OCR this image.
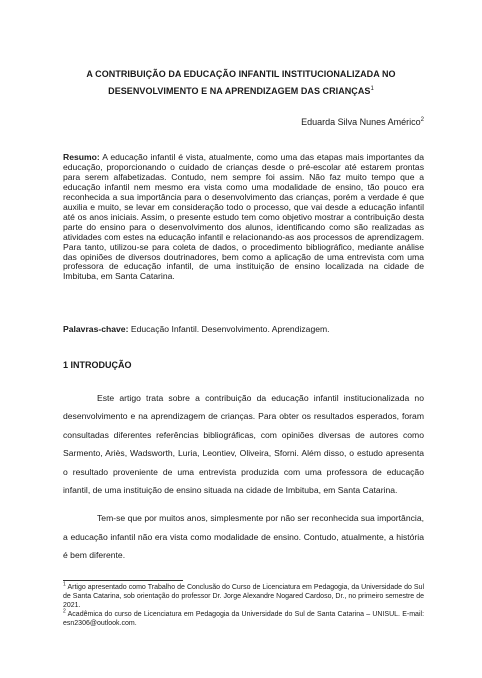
A CONTRIBUIÇÃO DA EDUCAÇÃO INFANTIL INSTITUCIONALIZADA NO
DESENVOLVIMENTO E NA APRENDIZAGEM DAS CRIANÇAS$^1$
Eduarda Silva Nunes Américo$^2$

Resumo: A educação infantil é vista, atualmente, como uma das etapas mais importantes da educação, proporcionando o cuidado de crianças desde o pré-escolar até estarem prontas para serem alfabetizadas. Contudo, nem sempre foi assim. Não faz muito tempo que a educação infantil nem mesmo era vista como uma modalidade de ensino, tão pouco era reconhecida a sua importância para o desenvolvimento das crianças, porém a verdade é que auxilia e muito, se levar em consideração todo o processo, que vai desde a educação infantil até os anos iniciais. Assim, o presente estudo tem como objetivo mostrar a contribuição desta parte do ensino para o desenvolvimento dos alunos, identificando como são realizadas as atividades com estes na educação infantil e relacionando-as aos processos de aprendizagem. Para tanto, utilizou-se para coleta de dados, o procedimento bibliográfico, mediante análise das opiniões de diversos doutrinadores, bem como a aplicação de uma entrevista com uma professora de educação infantil, de uma instituição de ensino localizada na cidade de Imbituba, em Santa Catarina.

Palavras-chave: Educação Infantil. Desenvolvimento. Aprendizagem.

1 INTRODUÇÃO

Este artigo trata sobre a contribuição da educação infantil institucionalizada no desenvolvimento e na aprendizagem de crianças. Para obter os resultados esperados, foram consultadas diferentes referências bibliográficas, com opiniões diversas de autores como Sarmento, Ariès, Wadsworth, Luria, Leontiev, Oliveira, Sforni. Além disso, o estudo apresenta o resultado proveniente de uma entrevista produzida com uma professora de educação infantil, de uma instituição de ensino situada na cidade de Imbituba, em Santa Catarina.

Tem-se que por muitos anos, simplesmente por não ser reconhecida sua importância, a educação infantil não era vista como modalidade de ensino. Contudo, atualmente, a história é bem diferente.

$^1$ Artigo apresentado como Trabalho de Conclusão do Curso de Licenciatura em Pedagogia, da Universidade do Sul de Santa Catarina, sob orientação do professor Dr. Jorge Alexandre Nogared Cardoso, Dr., no primeiro semestre de 2021.

$^2$ Acadêmica do curso de Licenciatura em Pedagogia da Universidade do Sul de Santa Catarina – UNISUL. E-mail: esn2306@outlook.com.
